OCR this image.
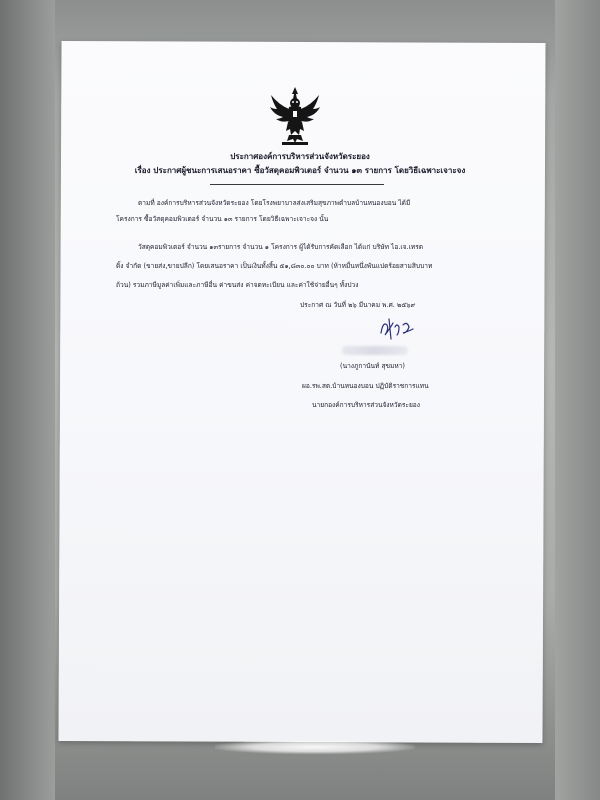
ประกาศองค์การบริหารส่วนจังหวัดระยอง
เรื่อง ประกาศผู้ชนะการเสนอราคา ซื้อวัสดุคอมพิวเตอร์ จำนวน ๑๓ รายการ โดยวิธีเฉพาะเจาะจง
ตามที่ องค์การบริหารส่วนจังหวัดระยอง โดยโรงพยาบาลส่งเสริมสุขภาพตำบลบ้านหนองบอน ได้มี
โครงการ ซื้อวัสดุคอมพิวเตอร์ จำนวน ๑๓ รายการ โดยวิธีเฉพาะเจาะจง นั้น
วัสดุคอมพิวเตอร์ จำนวน ๑๓รายการ จำนวน ๑ โครงการ ผู้ได้รับการคัดเลือก ได้แก่ บริษัท ไอ.เจ.เทรด
ดิ้ง จำกัด (ขายส่ง,ขายปลีก) โดยเสนอราคา เป็นเงินทั้งสิ้น ๕๑,๘๓๐.๐๐ บาท (ห้าหมื่นหนึ่งพันแปดร้อยสามสิบบาท
ถ้วน) รวมภาษีมูลค่าเพิ่มและภาษีอื่น ค่าขนส่ง ค่าจดทะเบียน และค่าใช้จ่ายอื่นๆ ทั้งปวง
ประกาศ ณ วันที่ ๒๖ มีนาคม พ.ศ. ๒๕๖๙
(นางภูกานันท์ สุขมหา)
ผอ.รพ.สต.บ้านหนองบอน ปฏิบัติราชการแทน
นายกองค์การบริหารส่วนจังหวัดระยอง
